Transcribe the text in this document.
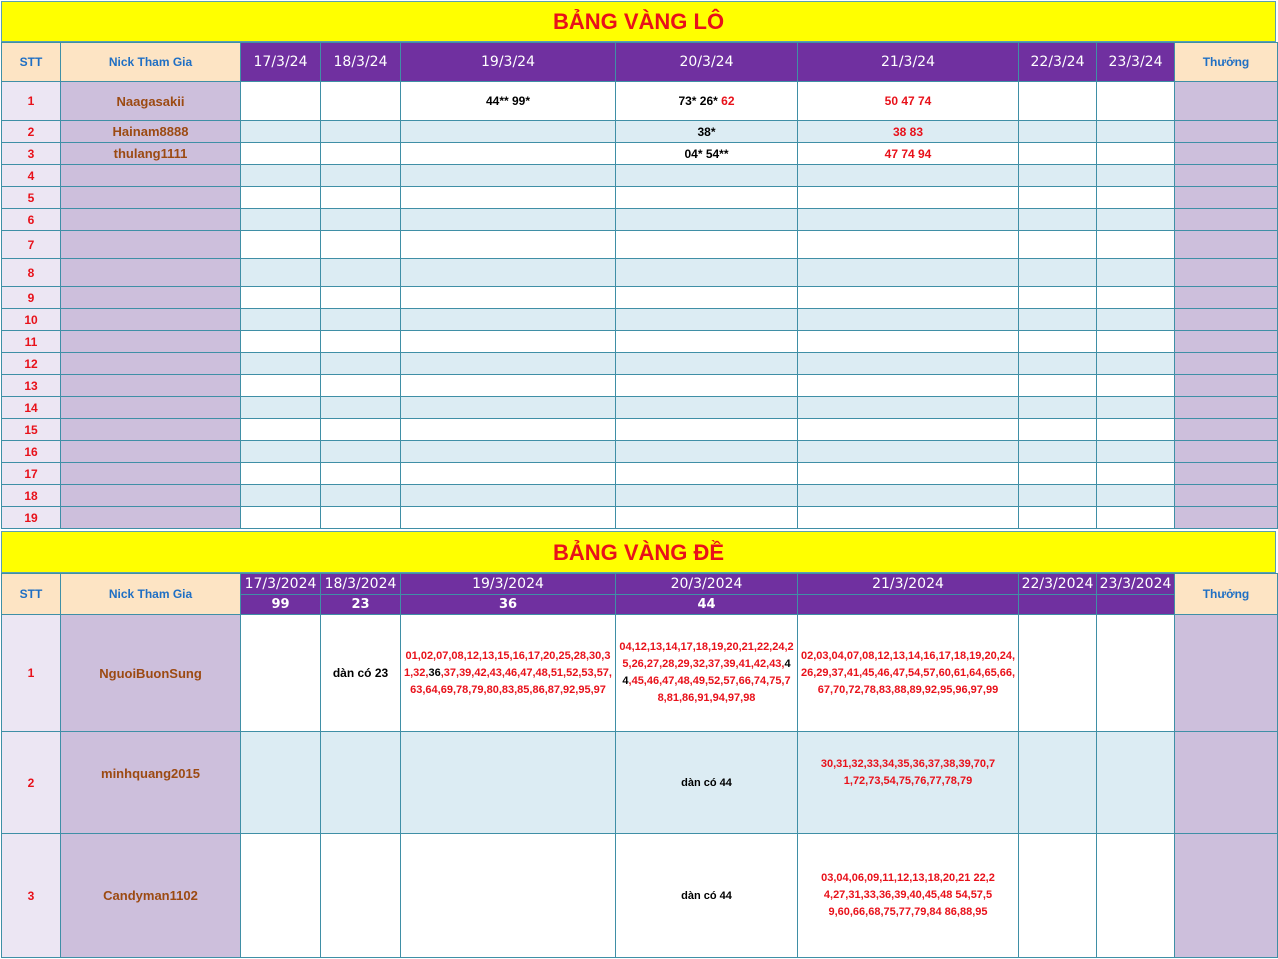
BẢNG VÀNG LÔ
STT	Nick Tham Gia	17/3/24	18/3/24	19/3/24	20/3/24	21/3/24	22/3/24	23/3/24	Thưởng
1	Naagasakii			44** 99*	73* 26* 62	50 47 74			
2	Hainam8888				38*	38 83			
3	thulang1111				04* 54**	47 74 94			
4									
5									
6									
7									
8									
9									
10									
11									
12									
13									
14									
15									
16									
17									
18									
19									
BẢNG VÀNG ĐỀ
STT	Nick Tham Gia	17/3/2024	18/3/2024	19/3/2024	20/3/2024	21/3/2024	22/3/2024	23/3/2024	Thưởng
		99	23	36	44				
1	NguoiBuonSung		dàn có 23	01,02,07,08,12,13,15,16,17,20,25,28,30,31,32,36,37,39,42,43,46,47,48,51,52,53,57,63,64,69,78,79,80,83,85,86,87,92,95,97	04,12,13,14,17,18,19,20,21,22,24,25,26,27,28,29,32,37,39,41,42,43,44,45,46,47,48,49,52,57,66,74,75,78,81,86,91,94,97,98	02,03,04,07,08,12,13,14,16,17,18,19,20,24,26,29,37,41,45,46,47,54,57,60,61,64,65,66,67,70,72,78,83,88,89,92,95,96,97,99			
2	minhquang2015				dàn có 44	30,31,32,33,34,35,36,37,38,39,70,71,72,73,54,75,76,77,78,79			
3	Candyman1102				dàn có 44	03,04,06,09,11,12,13,18,20,21 22,24,27,31,33,36,39,40,45,48 54,57,59,60,66,68,75,77,79,84 86,88,95			
